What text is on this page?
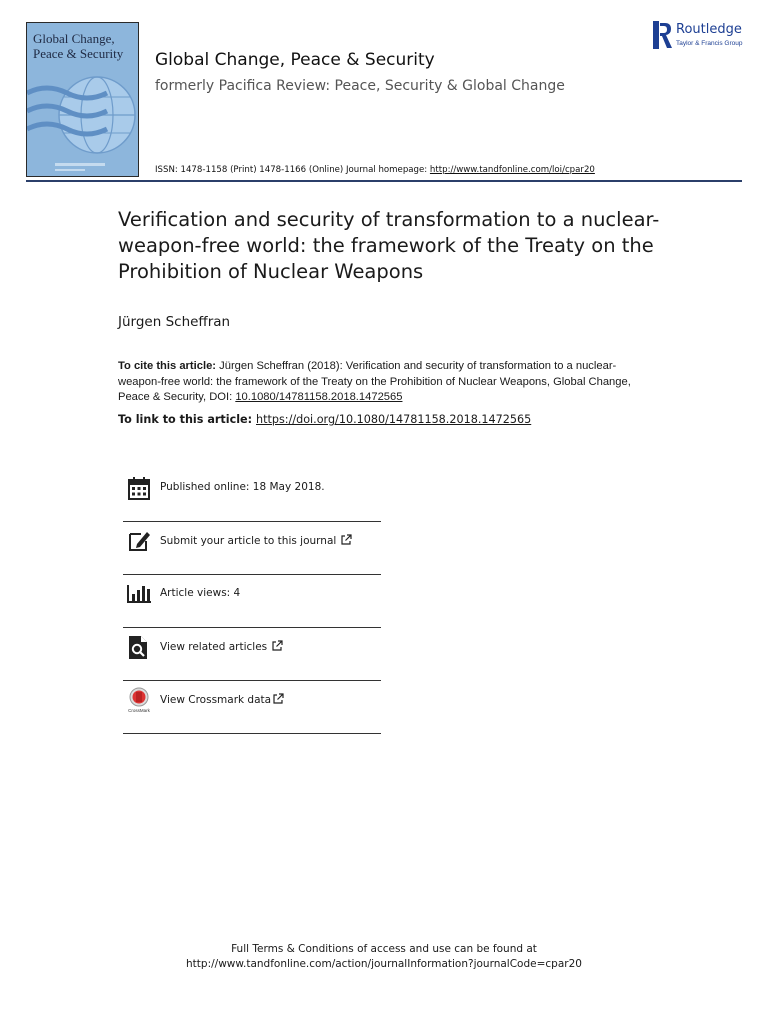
Global Change, Peace & Security	Global Change, Peace & Security
formerly Pacifica Review: Peace, Security & Global Change
ISSN: 1478-1158 (Print) 1478-1166 (Online) Journal homepage: http://www.tandfonline.com/loi/cpar20
Routledge
Taylor & Francis Group
Verification and security of transformation to a nuclear-weapon-free world: the framework of the Treaty on the Prohibition of Nuclear Weapons
Jürgen Scheffran
To cite this article: Jürgen Scheffran (2018): Verification and security of transformation to a nuclear-weapon-free world: the framework of the Treaty on the Prohibition of Nuclear Weapons, Global Change, Peace & Security, DOI: 10.1080/14781158.2018.1472565
To link to this article: https://doi.org/10.1080/14781158.2018.1472565
Published online: 18 May 2018.
Submit your article to this journal
Article views: 4
View related articles
CrossMark
View Crossmark data
Full Terms & Conditions of access and use can be found at
http://www.tandfonline.com/action/journalInformation?journalCode=cpar20
